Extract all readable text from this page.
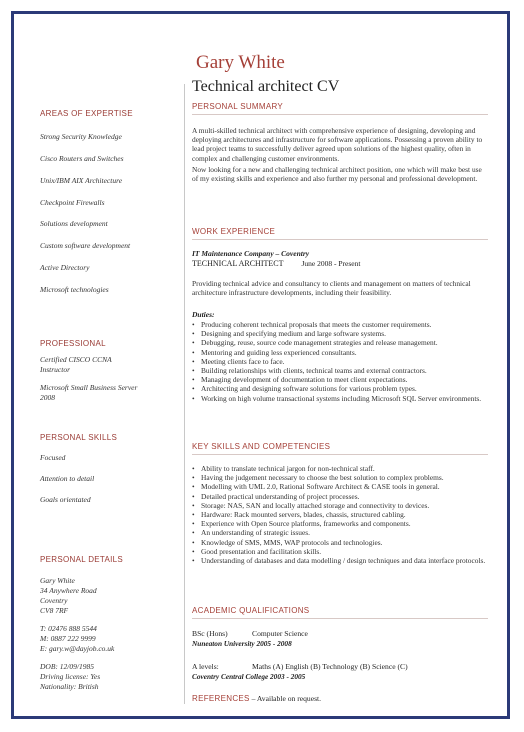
AREAS OF EXPERTISE
Strong Security Knowledge
Cisco Routers and Switches
Unix/IBM AIX Architecture
Checkpoint Firewalls
Solutions development
Custom software development
Active Directory
Microsoft technologies
PROFESSIONAL
Certified CISCO CCNA Instructor
Microsoft Small Business Server 2008
PERSONAL SKILLS
Focused
Attention to detail
Goals orientated
PERSONAL DETAILS
Gary White
34 Anywhere Road
Coventry
CV8 7RF
T: 02476 888 5544
M: 0887 222 9999
E: gary.w@dayjob.co.uk
DOB: 12/09/1985
Driving license: Yes
Nationality: British
Gary White
Technical architect CV
PERSONAL SUMMARY

A multi-skilled technical architect with comprehensive experience of designing, developing and deploying architectures and infrastructure for software applications. Possessing a proven ability to lead project teams to successfully deliver agreed upon solutions of the highest quality, often in complex and challenging customer environments.

Now looking for a new and challenging technical architect position, one which will make best use of my existing skills and experience and also further my personal and professional development.

WORK EXPERIENCE
IT Maintenance Company – Coventry
TECHNICAL ARCHITECT June 2008 - Present
Providing technical advice and consultancy to clients and management on matters of technical architecture infrastructure developments, including their feasibility.
Duties:
• Producing coherent technical proposals that meets the customer requirements.
• Designing and specifying medium and large software systems.
• Debugging, reuse, source code management strategies and release management.
• Mentoring and guiding less experienced consultants.
• Meeting clients face to face.
• Building relationships with clients, technical teams and external contractors.
• Managing development of documentation to meet client expectations.
• Architecting and designing software solutions for various problem types.
• Working on high volume transactional systems including Microsoft SQL Server environments.
KEY SKILLS AND COMPETENCIES
• Ability to translate technical jargon for non-technical staff.
• Having the judgement necessary to choose the best solution to complex problems.
• Modelling with UML 2.0, Rational Software Architect & CASE tools in general.
• Detailed practical understanding of project processes.
• Storage: NAS, SAN and locally attached storage and connectivity to devices.
• Hardware: Rack mounted servers, blades, chassis, structured cabling.
• Experience with Open Source platforms, frameworks and components.
• An understanding of strategic issues.
• Knowledge of SMS, MMS, WAP protocols and technologies.
• Good presentation and facilitation skills.
• Understanding of databases and data modelling / design techniques and data interface protocols.
ACADEMIC QUALIFICATIONS
BSc (Hons)	Computer Science
Nuneaton University 2005 - 2008
A levels:	Maths (A) English (B) Technology (B) Science (C)
Coventry Central College 2003 - 2005
REFERENCES – Available on request.
